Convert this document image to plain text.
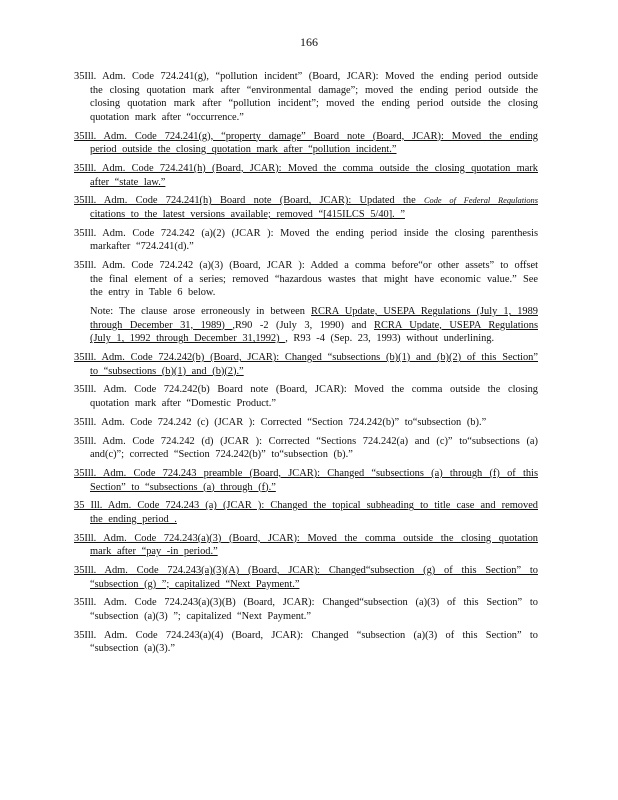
166

35Ill. Adm. Code 724.241(g), “pollution incident” (Board, JCAR): Moved the ending period outside the closing quotation mark after “environmental damage”; moved the ending period outside the closing quotation mark after “pollution incident”; moved the ending period outside the closing quotation mark after “occurrence.”

35Ill. Adm. Code 724.241(g), “property damage” Board note (Board, JCAR): Moved the ending period outside the closing quotation mark after “pollution incident.”

35Ill. Adm. Code 724.241(h) (Board, JCAR): Moved the comma outside the closing quotation mark after “state law.”

35Ill. Adm. Code 724.241(h) Board note (Board, JCAR): Updated the Code of Federal Regulations citations to the latest versions available; removed “[415ILCS 5/40]. ”

35Ill. Adm. Code 724.242 (a)(2) (JCAR ): Moved the ending period inside the closing parenthesis markafter “724.241(d).”

35Ill. Adm. Code 724.242 (a)(3) (Board, JCAR ): Added a comma before“or other assets” to offset the final element of a series; removed “hazardous wastes that might have economic value.” See the entry in Table 6 below.

Note: The clause arose erroneously in between RCRA Update, USEPA Regulations (July 1, 1989 through December 31, 1989) ,R90 -2 (July 3, 1990) and RCRA Update, USEPA Regulations (July 1, 1992 through December 31,1992) , R93 -4 (Sep. 23, 1993) without underlining.

35Ill. Adm. Code 724.242(b) (Board, JCAR): Changed “subsections (b)(1) and (b)(2) of this Section” to “subsections (b)(1) and (b)(2).”

35Ill. Adm. Code 724.242(b) Board note (Board, JCAR): Moved the comma outside the closing quotation mark after “Domestic Product.”

35Ill. Adm. Code 724.242 (c) (JCAR ): Corrected “Section 724.242(b)” to“subsection (b).”

35Ill. Adm. Code 724.242 (d) (JCAR ): Corrected “Sections 724.242(a) and (c)” to“subsections (a) and(c)”; corrected “Section 724.242(b)” to“subsection (b).”

35Ill. Adm. Code 724.243 preamble (Board, JCAR): Changed “subsections (a) through (f) of this Section” to “subsections (a) through (f).”

35 Ill. Adm. Code 724.243 (a) (JCAR ): Changed the topical subheading to title case and removed the ending period .

35Ill. Adm. Code 724.243(a)(3) (Board, JCAR): Moved the comma outside the closing quotation mark after “pay -in period.”

35Ill. Adm. Code 724.243(a)(3)(A) (Board, JCAR): Changed“subsection (g) of this Section” to “subsection (g) ”; capitalized “Next Payment.”

35Ill. Adm. Code 724.243(a)(3)(B) (Board, JCAR): Changed“subsection (a)(3) of this Section” to “subsection (a)(3) ”; capitalized “Next Payment.”

35Ill. Adm. Code 724.243(a)(4) (Board, JCAR): Changed “subsection (a)(3) of this Section” to “subsection (a)(3).”
